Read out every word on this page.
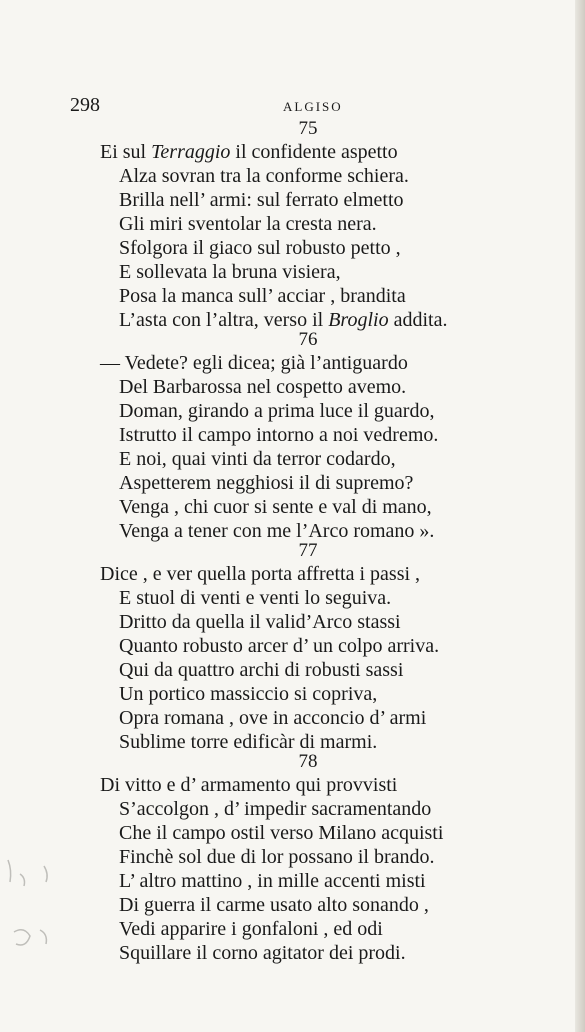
298	ALGISO
75
Ei sul Terraggio il confidente aspetto
Alza sovran tra la conforme schiera.
Brilla nell’ armi: sul ferrato elmetto
Gli miri sventolar la cresta nera.
Sfolgora il giaco sul robusto petto ,
E sollevata la bruna visiera,
Posa la manca sull’ acciar , brandita
L’asta con l’altra, verso il Broglio addita.
76
— Vedete? egli dicea; già l’antiguardo
Del Barbarossa nel cospetto avemo.
Doman, girando a prima luce il guardo,
Istrutto il campo intorno a noi vedremo.
E noi, quai vinti da terror codardo,
Aspetterem negghiosi il di supremo?
Venga , chi cuor si sente e val di mano,
Venga a tener con me l’Arco romano ».
77
Dice , e ver quella porta affretta i passi ,
E stuol di venti e venti lo seguiva.
Dritto da quella il valid’Arco stassi
Quanto robusto arcer d’ un colpo arriva.
Qui da quattro archi di robusti sassi
Un portico massiccio si copriva,
Opra romana , ove in acconcio d’ armi
Sublime torre edificàr di marmi.
78
Di vitto e d’ armamento qui provvisti
S’accolgon , d’ impedir sacramentando
Che il campo ostil verso Milano acquisti
Finchè sol due di lor possano il brando.
L’ altro mattino , in mille accenti misti
Di guerra il carme usato alto sonando ,
Vedi apparire i gonfaloni , ed odi
Squillare il corno agitator dei prodi.
